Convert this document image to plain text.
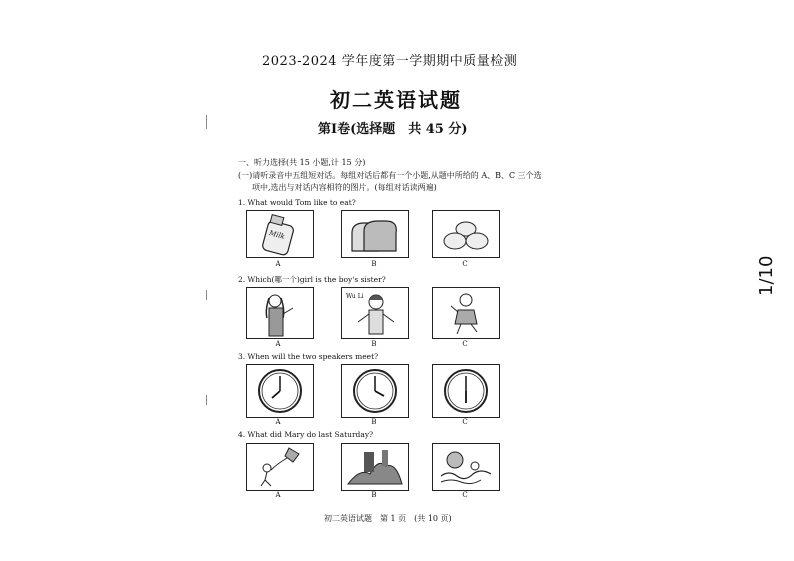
2023-2024 学年度第一学期期中质量检测
初二英语试题
第Ⅰ卷(选择题　共 45 分)
一、听力选择(共 15 小题,计 15 分)
(一)请听录音中五组短对话。每组对话后都有一个小题,从题中所给的 A、B、C 三个选
项中,选出与对话内容相符的图片。(每组对话读两遍)
1. What would Tom like to eat?
Milk
A	B	C
2. Which(哪一个)girl is the boy's sister?
Wu Li
A	B	C
3. When will the two speakers meet?
A	B	C
4. What did Mary do last Saturday?
A	B	C
初二英语试题　第 1 页　(共 10 页)
1/10
